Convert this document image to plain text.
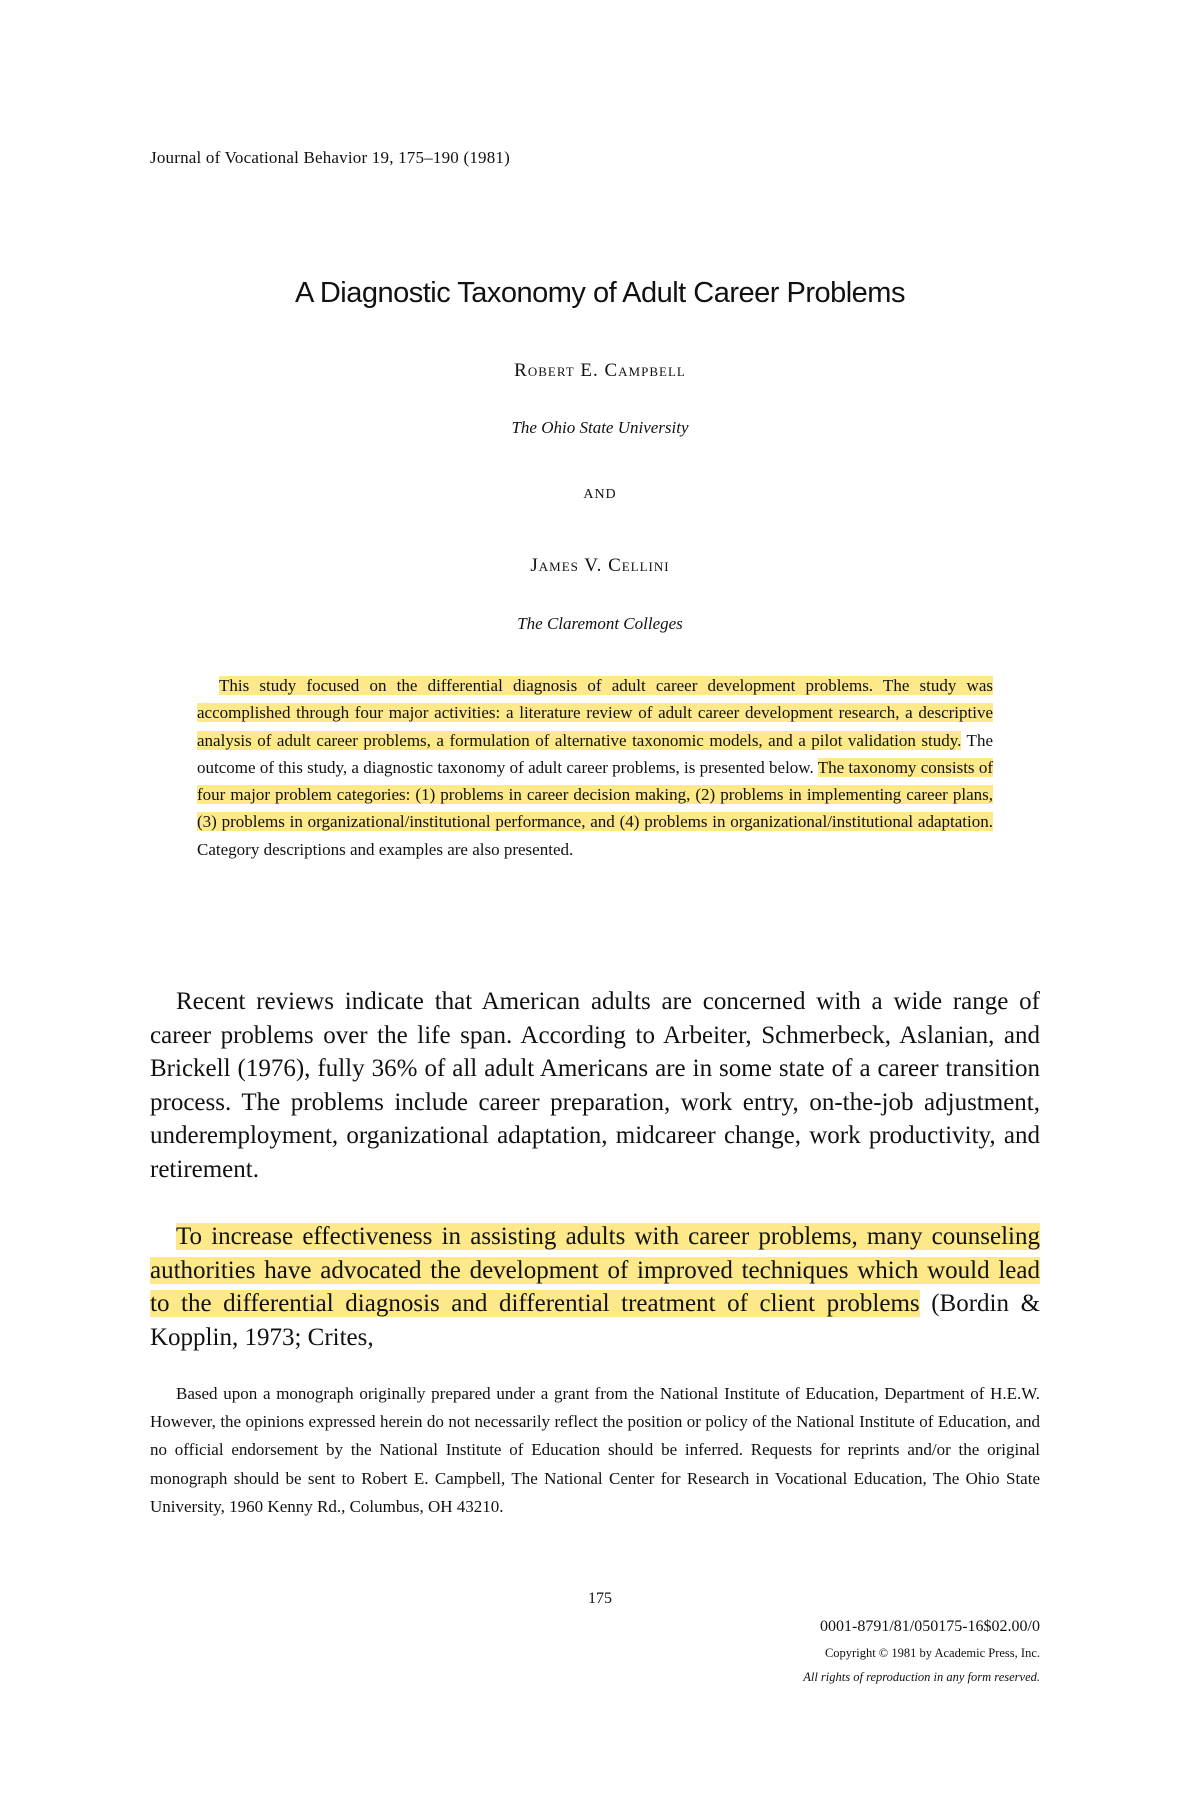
Journal of Vocational Behavior 19, 175–190 (1981)
A Diagnostic Taxonomy of Adult Career Problems
Robert E. Campbell
The Ohio State University
AND
James V. Cellini
The Claremont Colleges
This study focused on the differential diagnosis of adult career development problems. The study was accomplished through four major activities: a literature review of adult career development research, a descriptive analysis of adult career problems, a formulation of alternative taxonomic models, and a pilot validation study. The outcome of this study, a diagnostic taxonomy of adult career problems, is presented below. The taxonomy consists of four major problem categories: (1) problems in career decision making, (2) problems in implementing career plans, (3) problems in organizational/institutional performance, and (4) problems in organizational/institutional adaptation. Category descriptions and examples are also presented.
Recent reviews indicate that American adults are concerned with a wide range of career problems over the life span. According to Arbeiter, Schmerbeck, Aslanian, and Brickell (1976), fully 36% of all adult Americans are in some state of a career transition process. The problems include career preparation, work entry, on-the-job adjustment, underemployment, organizational adaptation, midcareer change, work productivity, and retirement.
To increase effectiveness in assisting adults with career problems, many counseling authorities have advocated the development of improved techniques which would lead to the differential diagnosis and differential treatment of client problems (Bordin & Kopplin, 1973; Crites,
Based upon a monograph originally prepared under a grant from the National Institute of Education, Department of H.E.W. However, the opinions expressed herein do not necessarily reflect the position or policy of the National Institute of Education, and no official endorsement by the National Institute of Education should be inferred. Requests for reprints and/or the original monograph should be sent to Robert E. Campbell, The National Center for Research in Vocational Education, The Ohio State University, 1960 Kenny Rd., Columbus, OH 43210.
175
0001-8791/81/050175-16$02.00/0
Copyright © 1981 by Academic Press, Inc.
All rights of reproduction in any form reserved.
